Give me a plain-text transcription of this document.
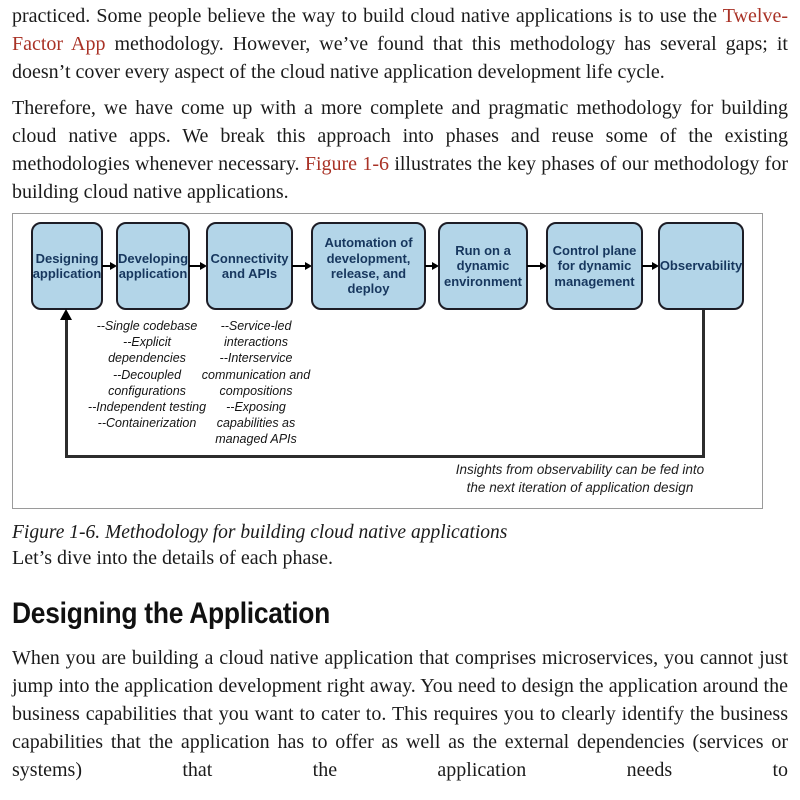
practiced. Some people believe the way to build cloud native applications is to use the Twelve-Factor App methodology. However, we’ve found that this methodology has several gaps; it doesn’t cover every aspect of the cloud native application development life cycle.

Therefore, we have come up with a more complete and pragmatic methodology for building cloud native apps. We break this approach into phases and reuse some of the existing methodologies whenever necessary. Figure 1-6 illustrates the key phases of our methodology for building cloud native applications.

Designing application
Developing application
Connectivity and APIs
Automation of development, release, and deploy
Run on a dynamic environment
Control plane for dynamic management
Observability
--Single codebase
--Explicit dependencies
--Decoupled configurations
--Independent testing
--Containerization
--Service-led interactions
--Interservice communication and compositions
--Exposing capabilities as managed APIs
Insights from observability can be fed into
the next iteration of application design
Figure 1-6. Methodology for building cloud native applications

Let’s dive into the details of each phase.

Designing the Application

When you are building a cloud native application that comprises microservices, you cannot just jump into the application development right away. You need to design the application around the business capabilities that you want to cater to. This requires you to clearly identify the business capabilities that the application has to offer as well as the external dependencies (services or systems) that the application needs to
